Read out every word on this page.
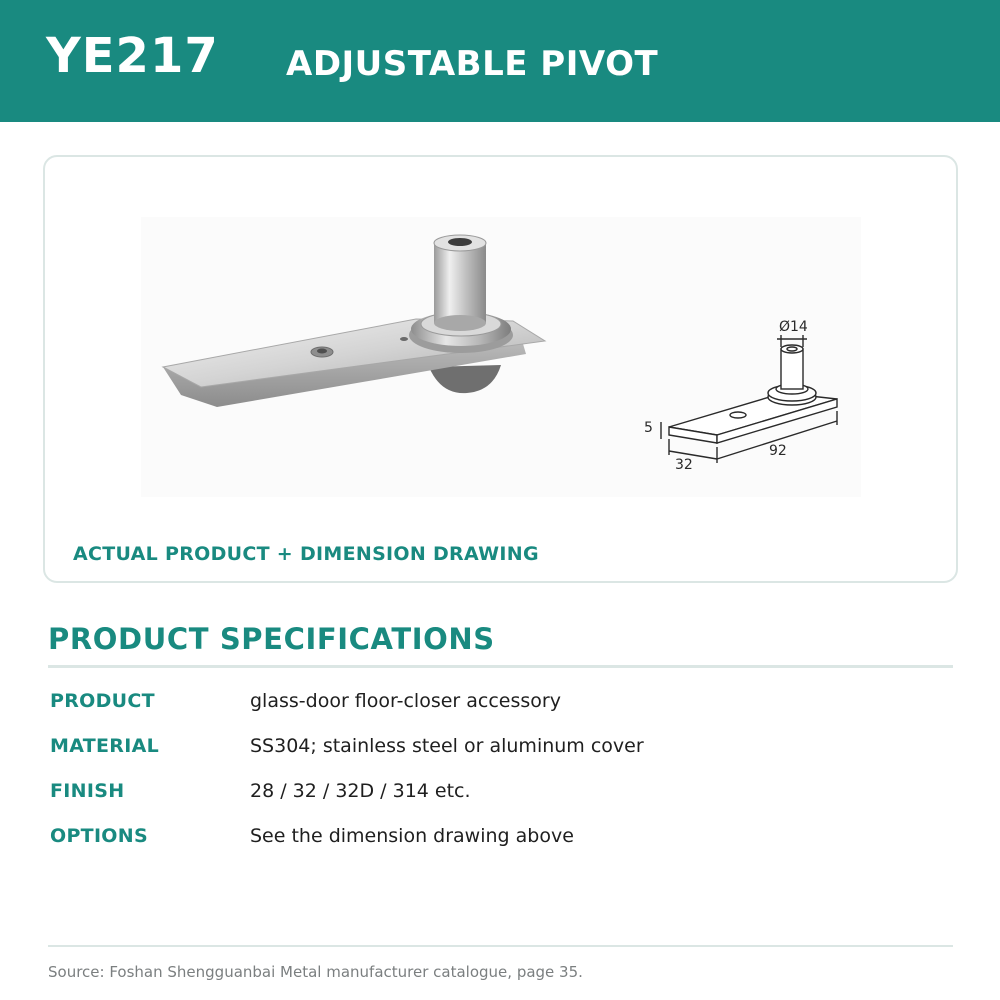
YE217 ADJUSTABLE PIVOT
Ø14
5
32
92
ACTUAL PRODUCT + DIMENSION DRAWING
PRODUCT SPECIFICATIONS
PRODUCT	glass-door floor-closer accessory
MATERIAL	SS304; stainless steel or aluminum cover
FINISH	28 / 32 / 32D / 314 etc.
OPTIONS	See the dimension drawing above
Source: Foshan Shengguanbai Metal manufacturer catalogue, page 35.
